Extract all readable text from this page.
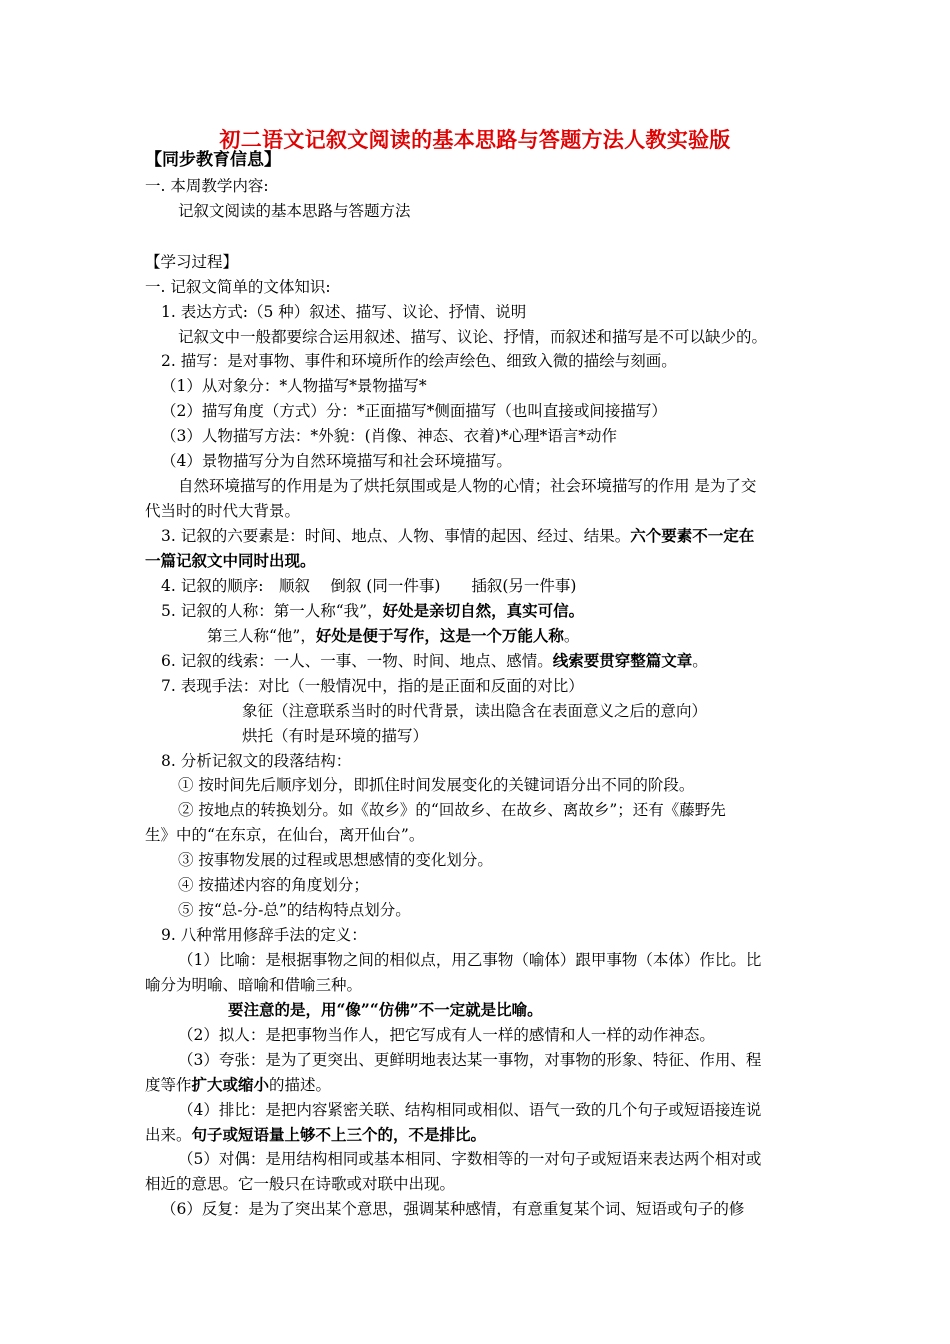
初二语文记叙文阅读的基本思路与答题方法人教实验版
【同步教育信息】
一. 本周教学内容:
记叙文阅读的基本思路与答题方法
【学习过程】
一. 记叙文简单的文体知识:
1. 表达方式:（5 种）叙述、描写、议论、抒情、说明
记叙文中一般都要综合运用叙述、描写、议论、抒情，而叙述和描写是不可以缺少的。
2. 描写：是对事物、事件和环境所作的绘声绘色、细致入微的描绘与刻画。
（1）从对象分：*人物描写*景物描写*
（2）描写角度（方式）分：*正面描写*侧面描写（也叫直接或间接描写）
（3）人物描写方法：*外貌：(肖像、神态、衣着)*心理*语言*动作
（4）景物描写分为自然环境描写和社会环境描写。
自然环境描写的作用是为了烘托氛围或是人物的心情；社会环境描写的作用 是为了交
代当时的时代大背景。
3. 记叙的六要素是：时间、地点、人物、事情的起因、经过、结果。六个要素不一定在
一篇记叙文中同时出现。
4. 记叙的顺序:　顺叙　 倒叙 (同一件事)　　插叙(另一件事)
5. 记叙的人称：第一人称“我”，好处是亲切自然，真实可信。
第三人称“他”，好处是便于写作，这是一个万能人称。
6. 记叙的线索：一人、一事、一物、时间、地点、感情。线索要贯穿整篇文章。
7. 表现手法：对比（一般情况中，指的是正面和反面的对比）
象征（注意联系当时的时代背景，读出隐含在表面意义之后的意向）
烘托（有时是环境的描写）
8. 分析记叙文的段落结构：
① 按时间先后顺序划分，即抓住时间发展变化的关键词语分出不同的阶段。
② 按地点的转换划分。如《故乡》的“回故乡、在故乡、离故乡”；还有《藤野先
生》中的“在东京，在仙台，离开仙台”。
③ 按事物发展的过程或思想感情的变化划分。
④ 按描述内容的角度划分；
⑤ 按“总-分-总”的结构特点划分。
9. 八种常用修辞手法的定义：
（1）比喻：是根据事物之间的相似点，用乙事物（喻体）跟甲事物（本体）作比。比
喻分为明喻、暗喻和借喻三种。
要注意的是，用“像”“仿佛”不一定就是比喻。
（2）拟人：是把事物当作人，把它写成有人一样的感情和人一样的动作神态。
（3）夸张：是为了更突出、更鲜明地表达某一事物，对事物的形象、特征、作用、程
度等作扩大或缩小的描述。
（4）排比：是把内容紧密关联、结构相同或相似、语气一致的几个句子或短语接连说
出来。句子或短语量上够不上三个的，不是排比。
（5）对偶：是用结构相同或基本相同、字数相等的一对句子或短语来表达两个相对或
相近的意思。它一般只在诗歌或对联中出现。
（6）反复：是为了突出某个意思，强调某种感情，有意重复某个词、短语或句子的修
